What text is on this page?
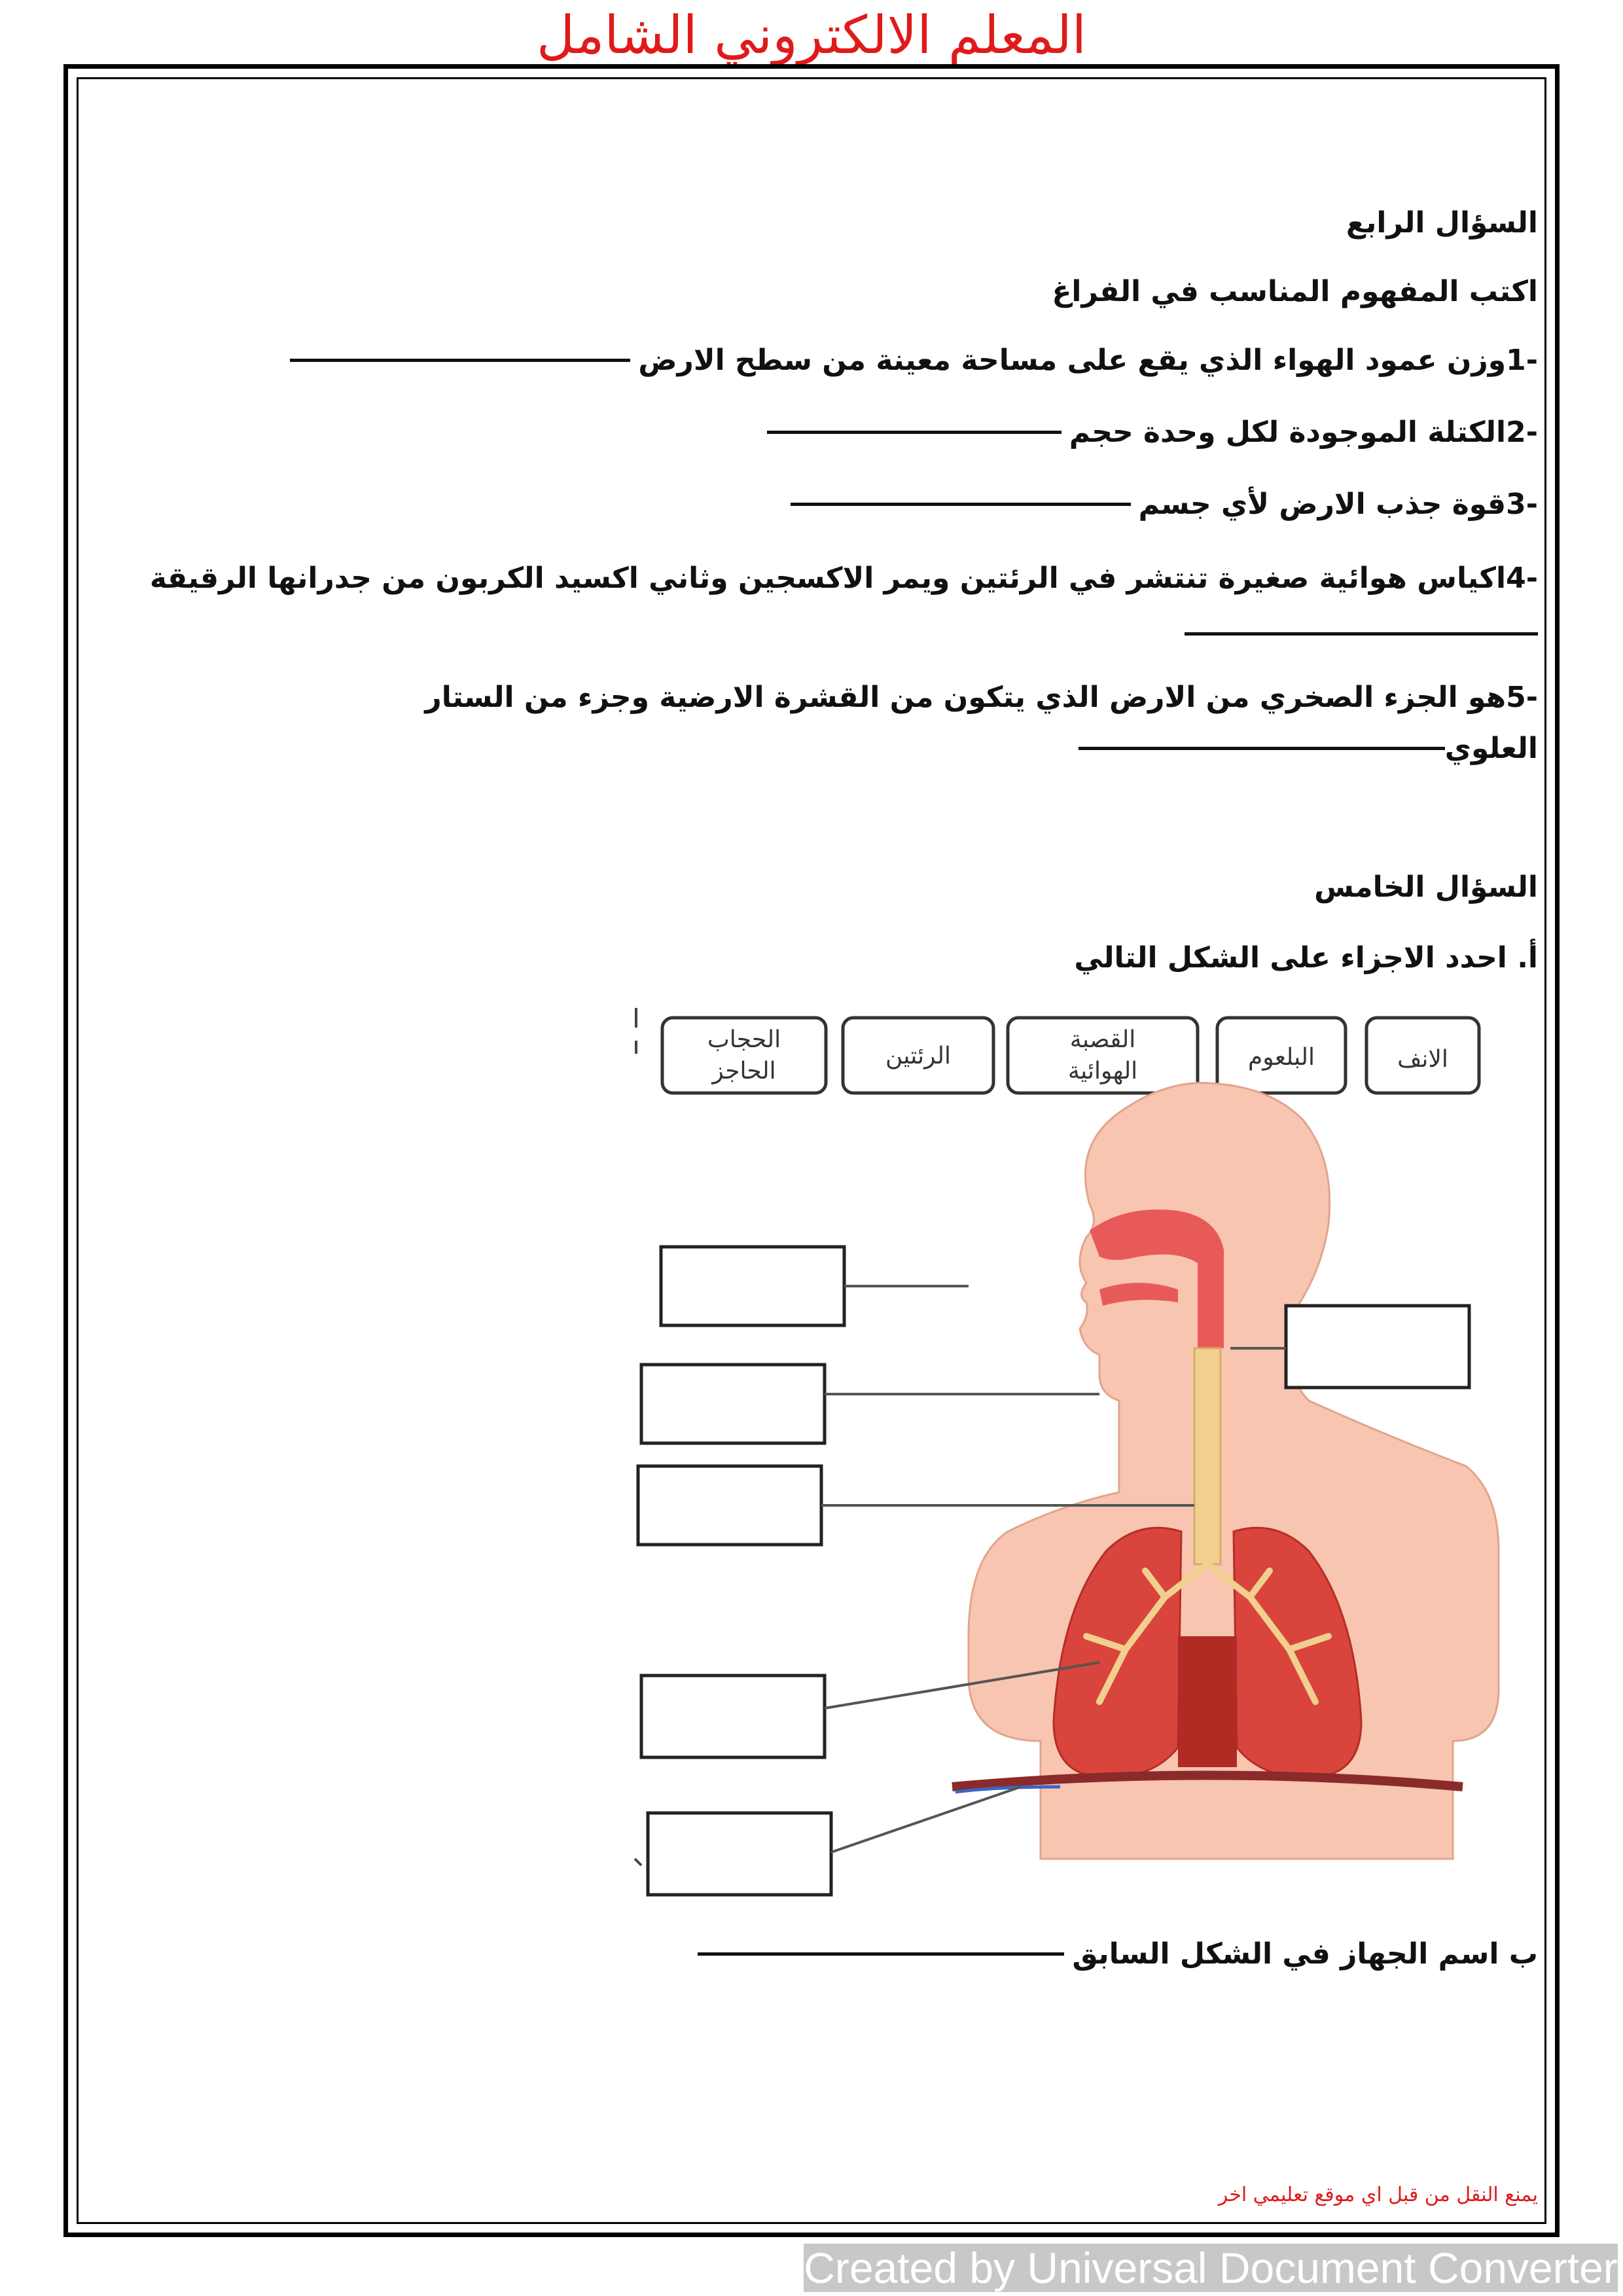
المعلم الالكتروني الشامل
السؤال الرابع
اكتب المفهوم المناسب في الفراغ
-1وزن عمود الهواء الذي يقع على مساحة معينة من سطح الارض
-2الكتلة الموجودة لكل وحدة حجم
-3قوة جذب الارض لأي جسم
-4اكياس هوائية صغيرة تنتشر في الرئتين ويمر الاكسجين وثاني اكسيد الكربون من جدرانها الرقيقة
-5هو الجزء الصخري من الارض الذي يتكون من القشرة الارضية وجزء من الستار
العلوي
السؤال الخامس
أ. احدد الاجزاء على الشكل التالي
الانف
البلعوم
القصبة
الهوائية
الرئتين
الحجاب
الحاجز
ب اسم الجهاز في الشكل السابق
يمنع النقل من قبل اي موقع تعليمي اخر
Created by Universal Document Converter
